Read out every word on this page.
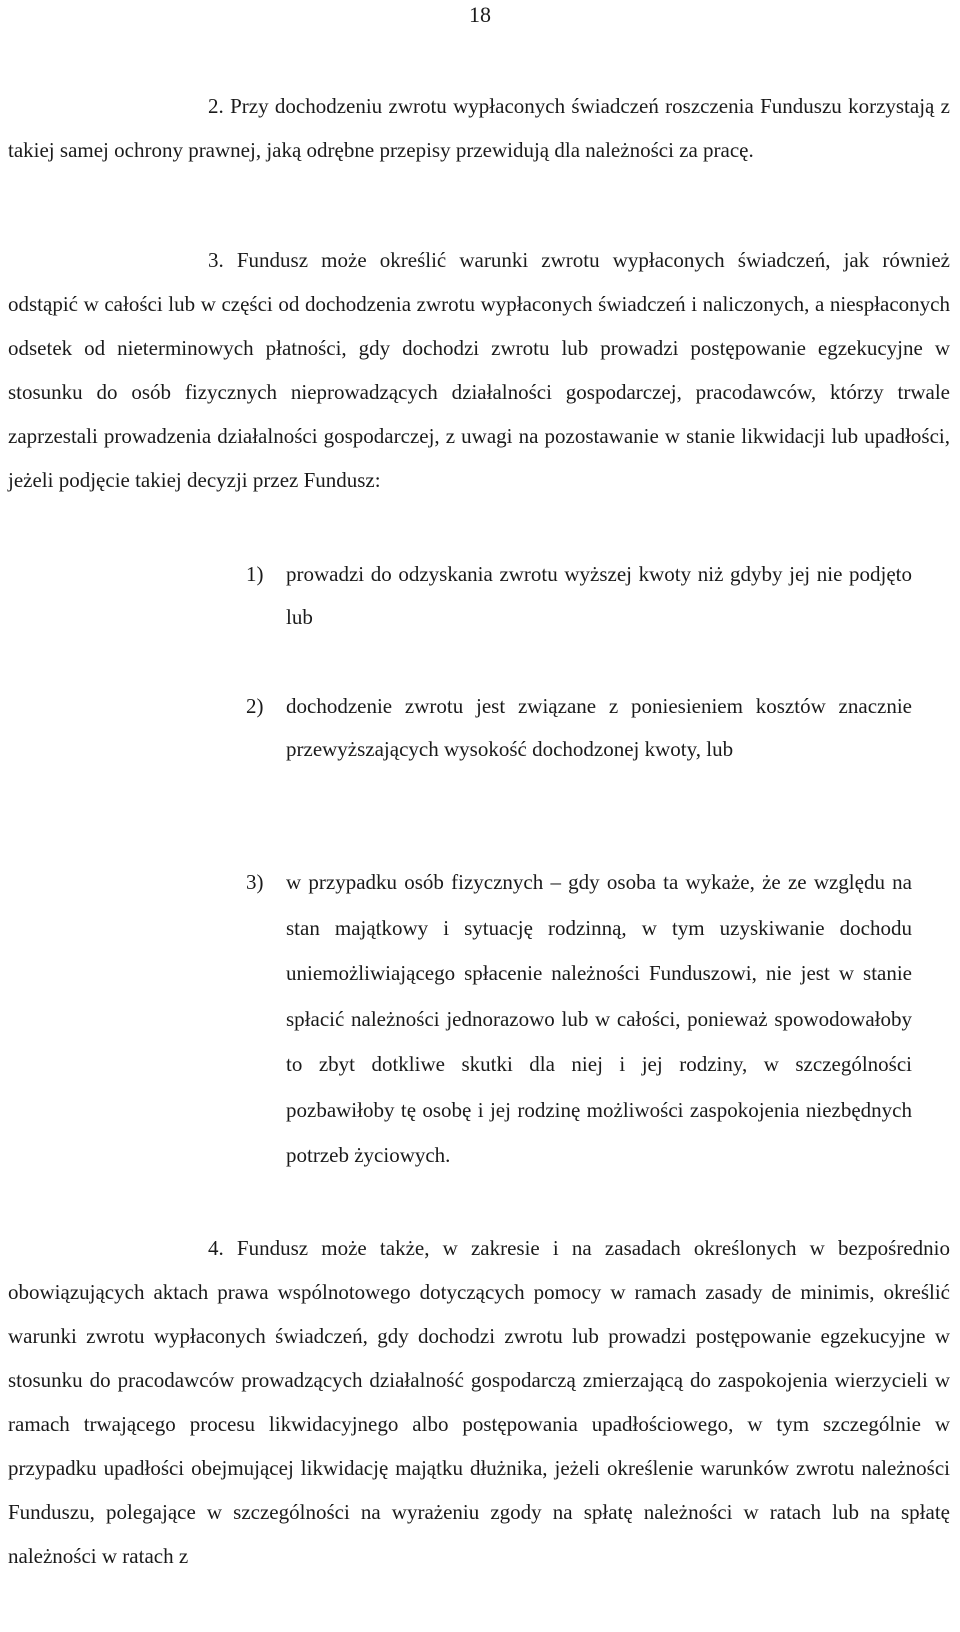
18
2. Przy dochodzeniu zwrotu wypłaconych świadczeń roszczenia Funduszu korzystają z takiej samej ochrony prawnej, jaką odrębne przepisy przewidują dla należności za pracę.
3. Fundusz może określić warunki zwrotu wypłaconych świadczeń, jak również odstąpić w całości lub w części od dochodzenia zwrotu wypłaconych świadczeń i naliczonych, a niespłaconych odsetek od nieterminowych płatności, gdy dochodzi zwrotu lub prowadzi postępowanie egzekucyjne w stosunku do osób fizycznych nieprowadzących działalności gospodarczej, pracodawców, którzy trwale zaprzestali prowadzenia działalności gospodarczej, z uwagi na pozostawanie w stanie likwidacji lub upadłości, jeżeli podjęcie takiej decyzji przez Fundusz:
1) prowadzi do odzyskania zwrotu wyższej kwoty niż gdyby jej nie podjęto lub
2) dochodzenie zwrotu jest związane z poniesieniem kosztów znacznie przewyższających wysokość dochodzonej kwoty, lub
3) w przypadku osób fizycznych – gdy osoba ta wykaże, że ze względu na stan majątkowy i sytuację rodzinną, w tym uzyskiwanie dochodu uniemożliwiającego spłacenie należności Funduszowi, nie jest w stanie spłacić należności jednorazowo lub w całości, ponieważ spowodowałoby to zbyt dotkliwe skutki dla niej i jej rodziny, w szczególności pozbawiłoby tę osobę i jej rodzinę możliwości zaspokojenia niezbędnych potrzeb życiowych.
4. Fundusz może także, w zakresie i na zasadach określonych w bezpośrednio obowiązujących aktach prawa wspólnotowego dotyczących pomocy w ramach zasady de minimis, określić warunki zwrotu wypłaconych świadczeń, gdy dochodzi zwrotu lub prowadzi postępowanie egzekucyjne w stosunku do pracodawców prowadzących działalność gospodarczą zmierzającą do zaspokojenia wierzycieli w ramach trwającego procesu likwidacyjnego albo postępowania upadłościowego, w tym szczególnie w przypadku upadłości obejmującej likwidację majątku dłużnika, jeżeli określenie warunków zwrotu należności Funduszu, polegające w szczególności na wyrażeniu zgody na spłatę należności w ratach lub na spłatę należności w ratach z
